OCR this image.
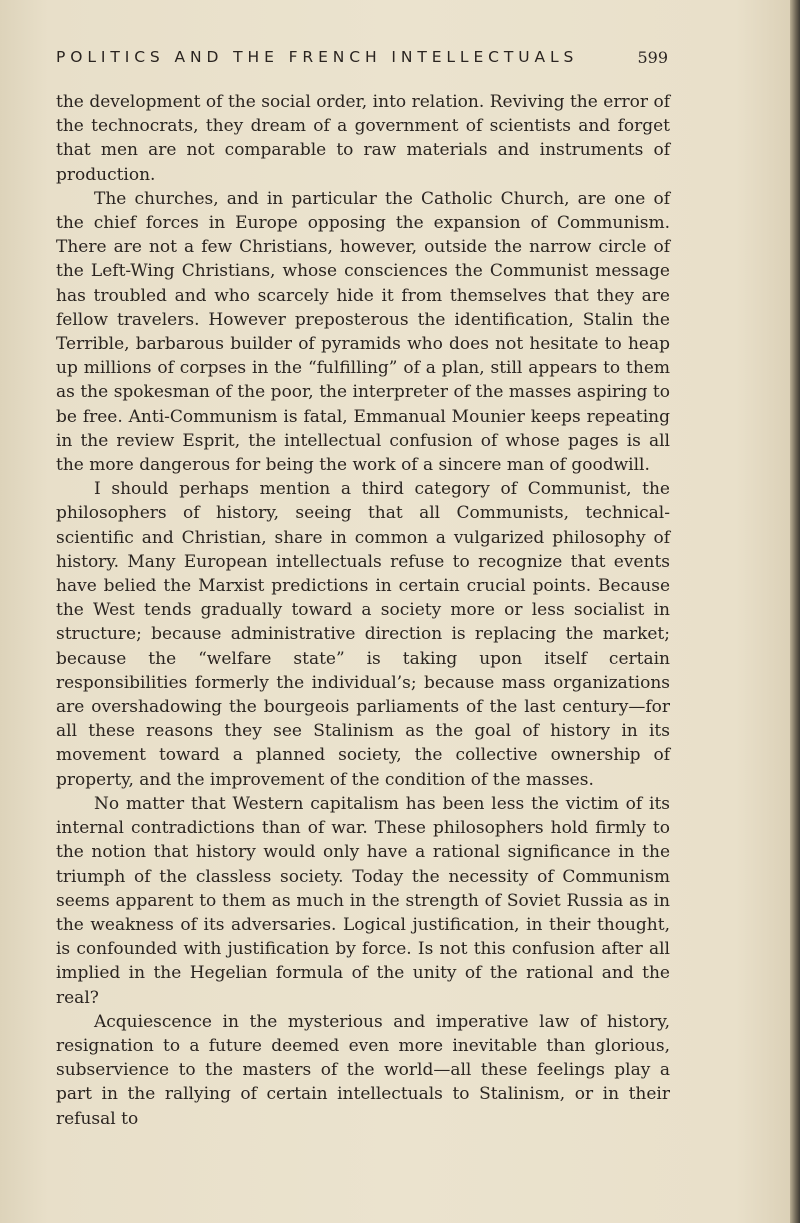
POLITICS AND THE FRENCH INTELLECTUALS	599

the development of the social order, into relation. Reviving the error of the technocrats, they dream of a government of scientists and forget that men are not comparable to raw materials and instruments of production.

The churches, and in particular the Catholic Church, are one of the chief forces in Europe opposing the expansion of Communism. There are not a few Christians, however, outside the narrow circle of the Left-Wing Christians, whose consciences the Communist message has troubled and who scarcely hide it from themselves that they are fellow travelers. However preposterous the identification, Stalin the Terrible, barbarous builder of pyramids who does not hesitate to heap up millions of corpses in the “fulfilling” of a plan, still appears to them as the spokesman of the poor, the interpreter of the masses aspiring to be free. Anti-Communism is fatal, Emmanual Mounier keeps repeating in the review Esprit, the intellectual confusion of whose pages is all the more dangerous for being the work of a sincere man of goodwill.

I should perhaps mention a third category of Communist, the philosophers of history, seeing that all Communists, technical-scientific and Christian, share in common a vulgarized philosophy of history. Many European intellectuals refuse to recognize that events have belied the Marxist predictions in certain crucial points. Because the West tends gradually toward a society more or less socialist in structure; because administrative direction is replacing the market; because the “welfare state” is taking upon itself certain responsibilities formerly the individual’s; because mass organizations are overshadowing the bourgeois parliaments of the last century—for all these reasons they see Stalinism as the goal of history in its movement toward a planned society, the collective ownership of property, and the improvement of the condition of the masses.

No matter that Western capitalism has been less the victim of its internal contradictions than of war. These philosophers hold firmly to the notion that history would only have a rational significance in the triumph of the classless society. Today the necessity of Communism seems apparent to them as much in the strength of Soviet Russia as in the weakness of its adversaries. Logical justification, in their thought, is confounded with justification by force. Is not this confusion after all implied in the Hegelian formula of the unity of the rational and the real?

Acquiescence in the mysterious and imperative law of history, resignation to a future deemed even more inevitable than glorious, subservience to the masters of the world—all these feelings play a part in the rallying of certain intellectuals to Stalinism, or in their refusal to
